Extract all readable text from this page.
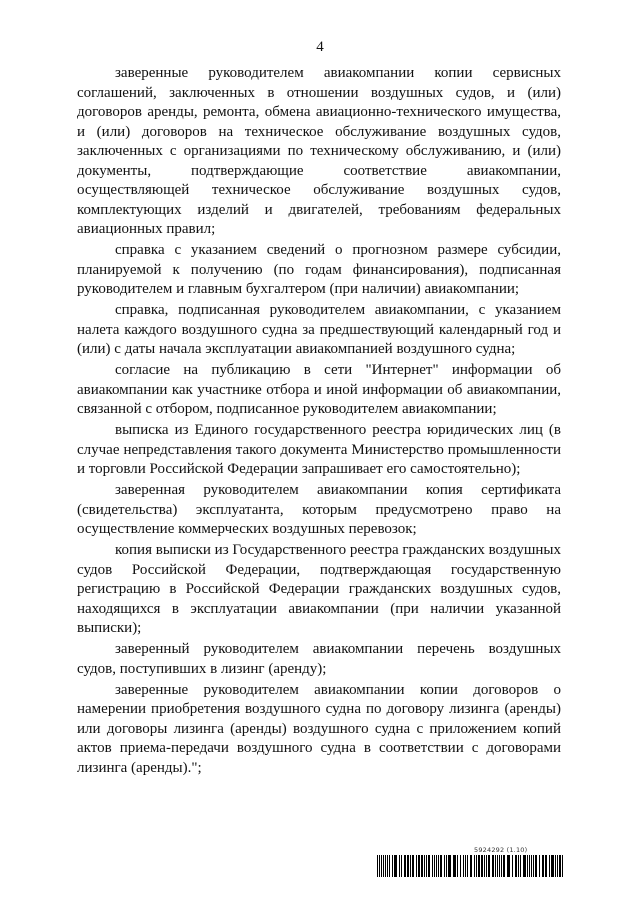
4

заверенные руководителем авиакомпании копии сервисных соглашений, заключенных в отношении воздушных судов, и (или) договоров аренды, ремонта, обмена авиационно-технического имущества, и (или) договоров на техническое обслуживание воздушных судов, заключенных с организациями по техническому обслуживанию, и (или) документы, подтверждающие соответствие авиакомпании, осуществляющей техническое обслуживание воздушных судов, комплектующих изделий и двигателей, требованиям федеральных авиационных правил;

справка с указанием сведений о прогнозном размере субсидии, планируемой к получению (по годам финансирования), подписанная руководителем и главным бухгалтером (при наличии) авиакомпании;

справка, подписанная руководителем авиакомпании, с указанием налета каждого воздушного судна за предшествующий календарный год и (или) с даты начала эксплуатации авиакомпанией воздушного судна;

согласие на публикацию в сети "Интернет" информации об авиакомпании как участнике отбора и иной информации об авиакомпании, связанной с отбором, подписанное руководителем авиакомпании;

выписка из Единого государственного реестра юридических лиц (в случае непредставления такого документа Министерство промышленности и торговли Российской Федерации запрашивает его самостоятельно);

заверенная руководителем авиакомпании копия сертификата (свидетельства) эксплуатанта, которым предусмотрено право на осуществление коммерческих воздушных перевозок;

копия выписки из Государственного реестра гражданских воздушных судов Российской Федерации, подтверждающая государственную регистрацию в Российской Федерации гражданских воздушных судов, находящихся в эксплуатации авиакомпании (при наличии указанной выписки);

заверенный руководителем авиакомпании перечень воздушных судов, поступивших в лизинг (аренду);

заверенные руководителем авиакомпании копии договоров о намерении приобретения воздушного судна по договору лизинга (аренды) или договоры лизинга (аренды) воздушного судна с приложением копий актов приема-передачи воздушного судна в соответствии с договорами лизинга (аренды).";

5924292 (1.10)
